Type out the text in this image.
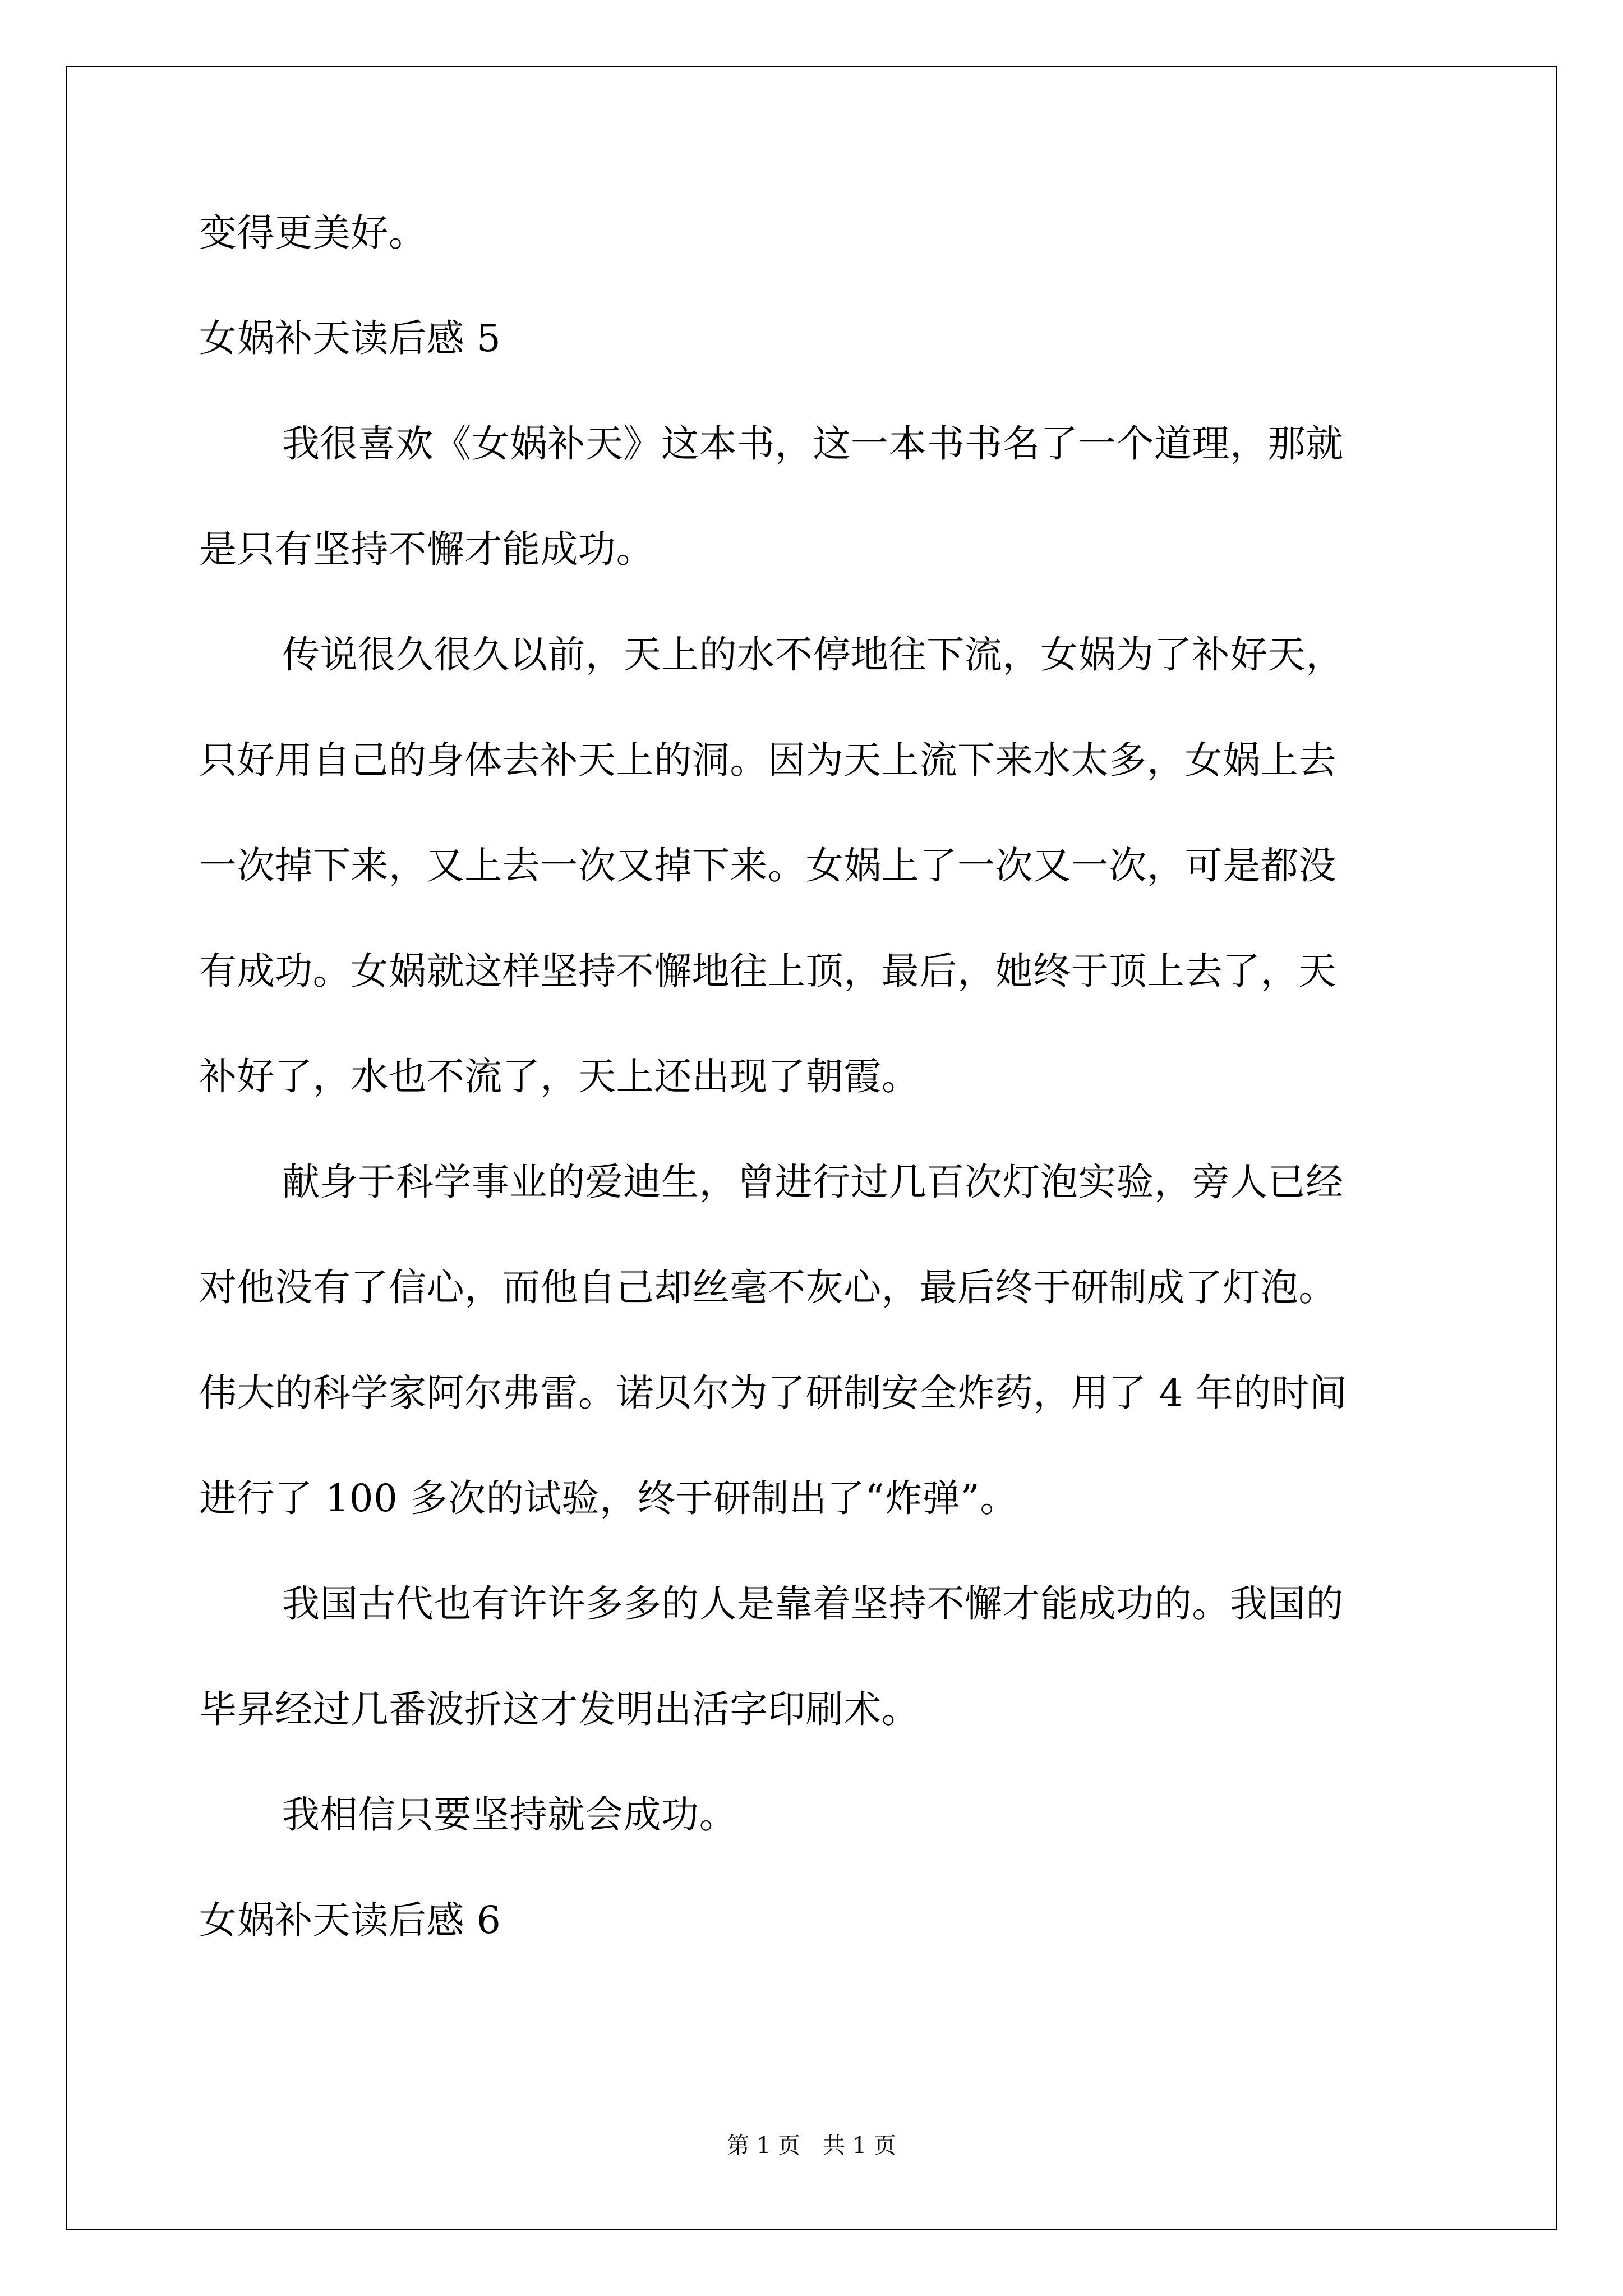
变得更美好。
女娲补天读后感 5
我很喜欢《女娲补天》这本书，这一本书书名了一个道理，那就
是只有坚持不懈才能成功。
传说很久很久以前，天上的水不停地往下流，女娲为了补好天，
只好用自己的身体去补天上的洞。因为天上流下来水太多，女娲上去
一次掉下来，又上去一次又掉下来。女娲上了一次又一次，可是都没
有成功。女娲就这样坚持不懈地往上顶，最后，她终于顶上去了，天
补好了，水也不流了，天上还出现了朝霞。
献身于科学事业的爱迪生，曾进行过几百次灯泡实验，旁人已经
对他没有了信心，而他自己却丝毫不灰心，最后终于研制成了灯泡。
伟大的科学家阿尔弗雷。诺贝尔为了研制安全炸药，用了 4 年的时间
进行了 100 多次的试验，终于研制出了“炸弹”。
我国古代也有许许多多的人是靠着坚持不懈才能成功的。我国的
毕昇经过几番波折这才发明出活字印刷术。
我相信只要坚持就会成功。
女娲补天读后感 6
第 1 页　共 1 页
